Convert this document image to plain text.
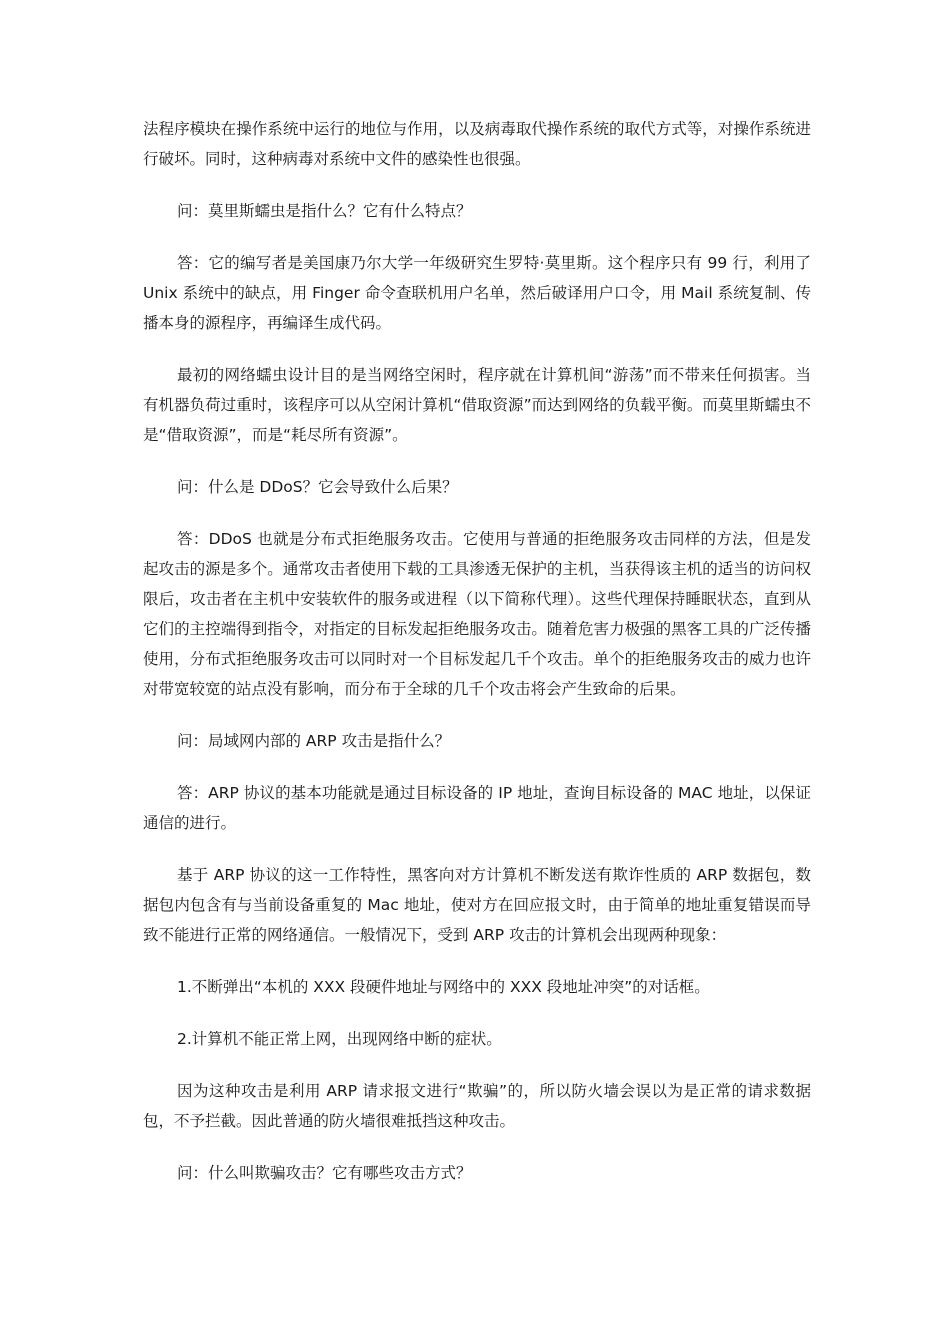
法程序模块在操作系统中运行的地位与作用，以及病毒取代操作系统的取代方式等，对操作系统进行破坏。同时，这种病毒对系统中文件的感染性也很强。

问：莫里斯蠕虫是指什么？它有什么特点？

答：它的编写者是美国康乃尔大学一年级研究生罗特·莫里斯。这个程序只有 99 行，利用了 Unix 系统中的缺点，用 Finger 命令查联机用户名单，然后破译用户口令，用 Mail 系统复制、传播本身的源程序，再编译生成代码。

最初的网络蠕虫设计目的是当网络空闲时，程序就在计算机间“游荡”而不带来任何损害。当有机器负荷过重时，该程序可以从空闲计算机“借取资源”而达到网络的负载平衡。而莫里斯蠕虫不是“借取资源”，而是“耗尽所有资源”。

问：什么是 DDoS？它会导致什么后果？

答：DDoS 也就是分布式拒绝服务攻击。它使用与普通的拒绝服务攻击同样的方法，但是发起攻击的源是多个。通常攻击者使用下载的工具渗透无保护的主机，当获得该主机的适当的访问权限后，攻击者在主机中安装软件的服务或进程（以下简称代理）。这些代理保持睡眠状态，直到从它们的主控端得到指令，对指定的目标发起拒绝服务攻击。随着危害力极强的黑客工具的广泛传播使用，分布式拒绝服务攻击可以同时对一个目标发起几千个攻击。单个的拒绝服务攻击的威力也许对带宽较宽的站点没有影响，而分布于全球的几千个攻击将会产生致命的后果。

问：局域网内部的 ARP 攻击是指什么？

答：ARP 协议的基本功能就是通过目标设备的 IP 地址，查询目标设备的 MAC 地址，以保证通信的进行。

基于 ARP 协议的这一工作特性，黑客向对方计算机不断发送有欺诈性质的 ARP 数据包，数据包内包含有与当前设备重复的 Mac 地址，使对方在回应报文时，由于简单的地址重复错误而导致不能进行正常的网络通信。一般情况下，受到 ARP 攻击的计算机会出现两种现象：

1.不断弹出“本机的 XXX 段硬件地址与网络中的 XXX 段地址冲突”的对话框。

2.计算机不能正常上网，出现网络中断的症状。

因为这种攻击是利用 ARP 请求报文进行“欺骗”的，所以防火墙会误以为是正常的请求数据包，不予拦截。因此普通的防火墙很难抵挡这种攻击。

问：什么叫欺骗攻击？它有哪些攻击方式？
